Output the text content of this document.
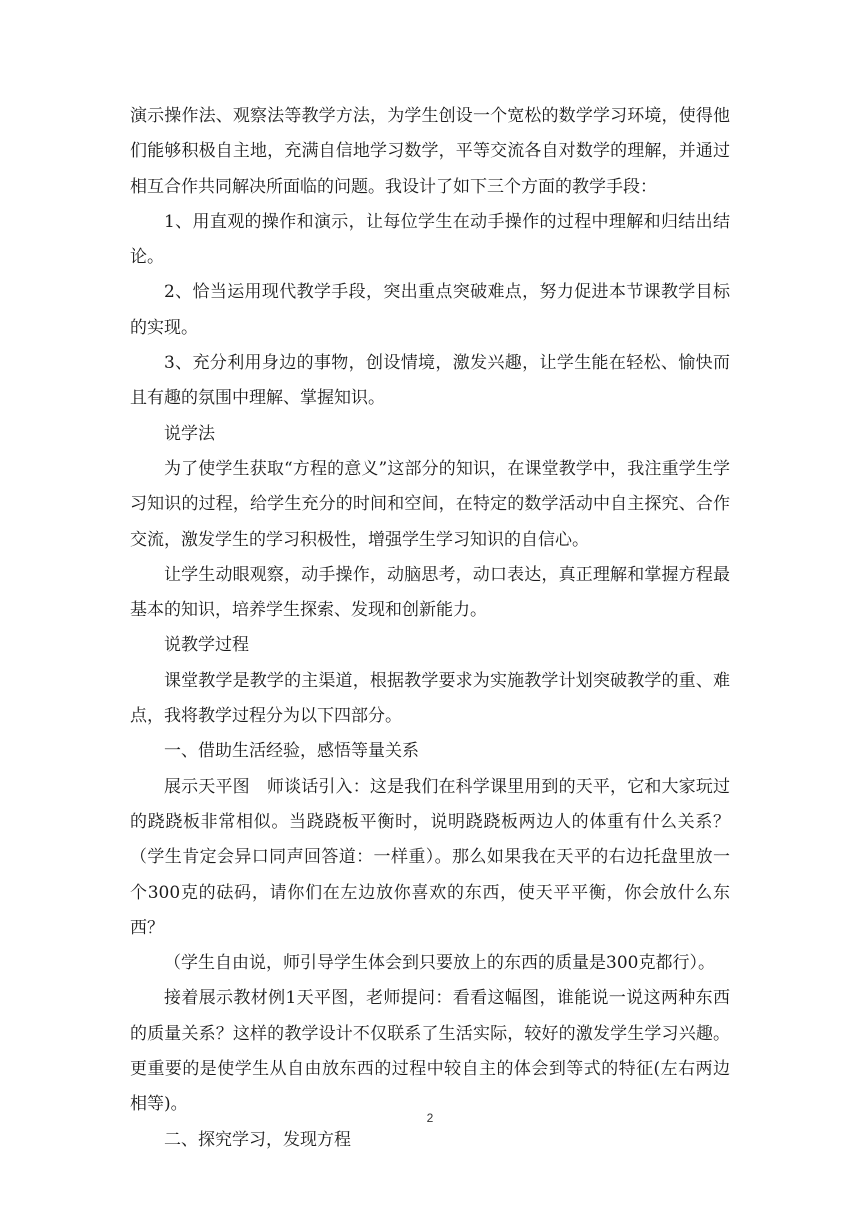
演示操作法、观察法等教学方法，为学生创设一个宽松的数学学习环境，使得他们能够积极自主地，充满自信地学习数学，平等交流各自对数学的理解，并通过相互合作共同解决所面临的问题。我设计了如下三个方面的教学手段：

1、用直观的操作和演示，让每位学生在动手操作的过程中理解和归结出结论。

2、恰当运用现代教学手段，突出重点突破难点，努力促进本节课教学目标的实现。

3、充分利用身边的事物，创设情境，激发兴趣，让学生能在轻松、愉快而且有趣的氛围中理解、掌握知识。

说学法

为了使学生获取“方程的意义”这部分的知识，在课堂教学中，我注重学生学习知识的过程，给学生充分的时间和空间，在特定的数学活动中自主探究、合作交流，激发学生的学习积极性，增强学生学习知识的自信心。

让学生动眼观察，动手操作，动脑思考，动口表达，真正理解和掌握方程最基本的知识，培养学生探索、发现和创新能力。

说教学过程

课堂教学是教学的主渠道，根据教学要求为实施教学计划突破教学的重、难点，我将教学过程分为以下四部分。

一、借助生活经验，感悟等量关系

展示天平图　师谈话引入：这是我们在科学课里用到的天平，它和大家玩过的跷跷板非常相似。当跷跷板平衡时，说明跷跷板两边人的体重有什么关系？（学生肯定会异口同声回答道：一样重）。那么如果我在天平的右边托盘里放一个300克的砝码，请你们在左边放你喜欢的东西，使天平平衡，你会放什么东西？

（学生自由说，师引导学生体会到只要放上的东西的质量是300克都行）。

接着展示教材例1天平图，老师提问：看看这幅图，谁能说一说这两种东西的质量关系？这样的教学设计不仅联系了生活实际，较好的激发学生学习兴趣。更重要的是使学生从自由放东西的过程中较自主的体会到等式的特征(左右两边相等)。

二、探究学习，发现方程

2
